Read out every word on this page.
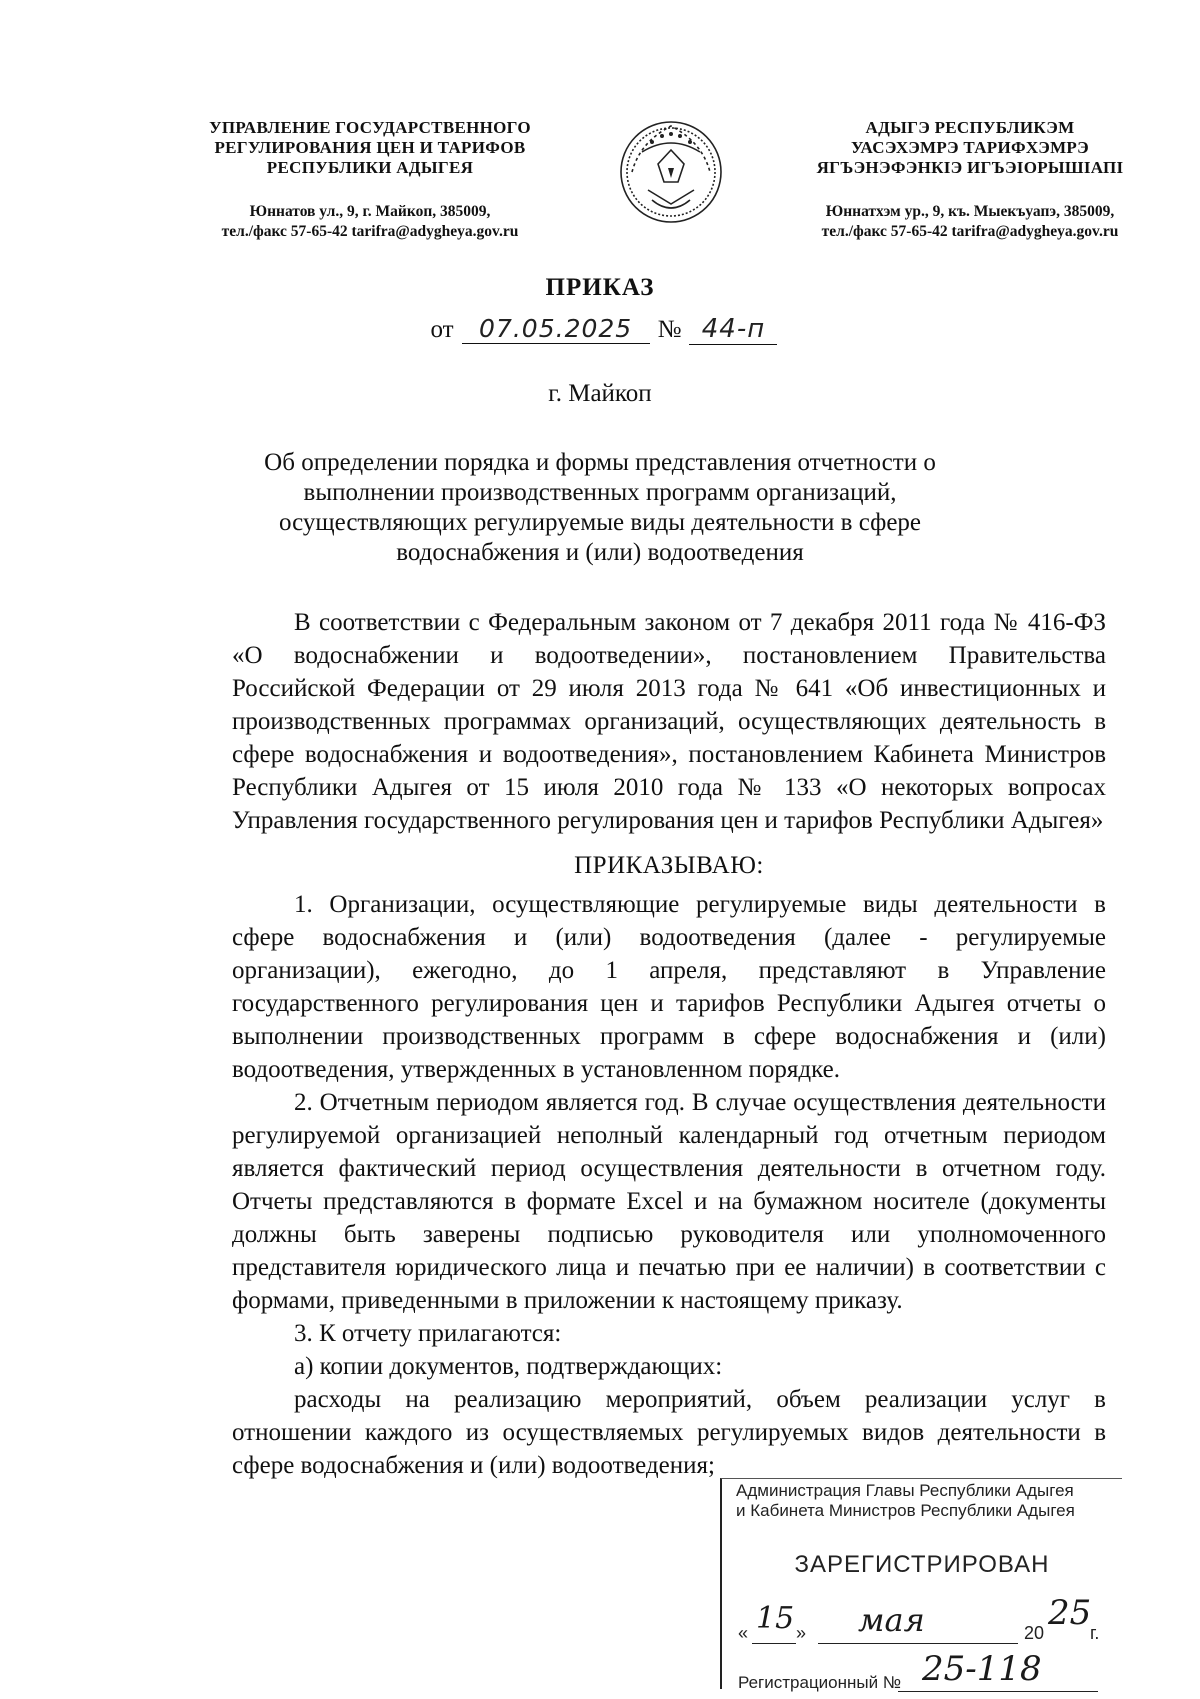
УПРАВЛЕНИЕ ГОСУДАРСТВЕННОГО
РЕГУЛИРОВАНИЯ ЦЕН И ТАРИФОВ
РЕСПУБЛИКИ АДЫГЕЯ
Юннатов ул., 9, г. Майкоп, 385009,
тел./факс 57-65-42 tarifra@adygheya.gov.ru
АДЫГЭ РЕСПУБЛИКЭМ
УАСЭХЭМРЭ ТАРИФХЭМРЭ
ЯГЪЭНЭФЭНКIЭ ИГЪЭIОРЫШIАПI
Юннатхэм ур., 9, къ. Мыекъуапэ, 385009,
тел./факс 57-65-42 tarifra@adygheya.gov.ru
ПРИКАЗ
от 07.05.2025 № 44-п
г. Майкоп
Об определении порядка и формы представления отчетности о выполнении производственных программ организаций, осуществляющих регулируемые виды деятельности в сфере водоснабжения и (или) водоотведения

В соответствии с Федеральным законом от 7 декабря 2011 года № 416-ФЗ «О водоснабжении и водоотведении», постановлением Правительства Российской Федерации от 29 июля 2013 года № 641 «Об инвестиционных и производственных программах организаций, осуществляющих деятельность в сфере водоснабжения и водоотведения», постановлением Кабинета Министров Республики Адыгея от 15 июля 2010 года № 133 «О некоторых вопросах Управления государственного регулирования цен и тарифов Республики Адыгея»

ПРИКАЗЫВАЮ:

1. Организации, осуществляющие регулируемые виды деятельности в сфере водоснабжения и (или) водоотведения (далее - регулируемые организации), ежегодно, до 1 апреля, представляют в Управление государственного регулирования цен и тарифов Республики Адыгея отчеты о выполнении производственных программ в сфере водоснабжения и (или) водоотведения, утвержденных в установленном порядке.

2. Отчетным периодом является год. В случае осуществления деятельности регулируемой организацией неполный календарный год отчетным периодом является фактический период осуществления деятельности в отчетном году. Отчеты представляются в формате Excel и на бумажном носителе (документы должны быть заверены подписью руководителя или уполномоченного представителя юридического лица и печатью при ее наличии) в соответствии с формами, приведенными в приложении к настоящему приказу.

3. К отчету прилагаются:

а) копии документов, подтверждающих:

расходы на реализацию мероприятий, объем реализации услуг в отношении каждого из осуществляемых регулируемых видов деятельности в сфере водоснабжения и (или) водоотведения;

Администрация Главы Республики Адыгея
и Кабинета Министров Республики Адыгея
ЗАРЕГИСТРИРОВАН
« 15 » мая	20 25
г.
Регистрационный № 25-118
